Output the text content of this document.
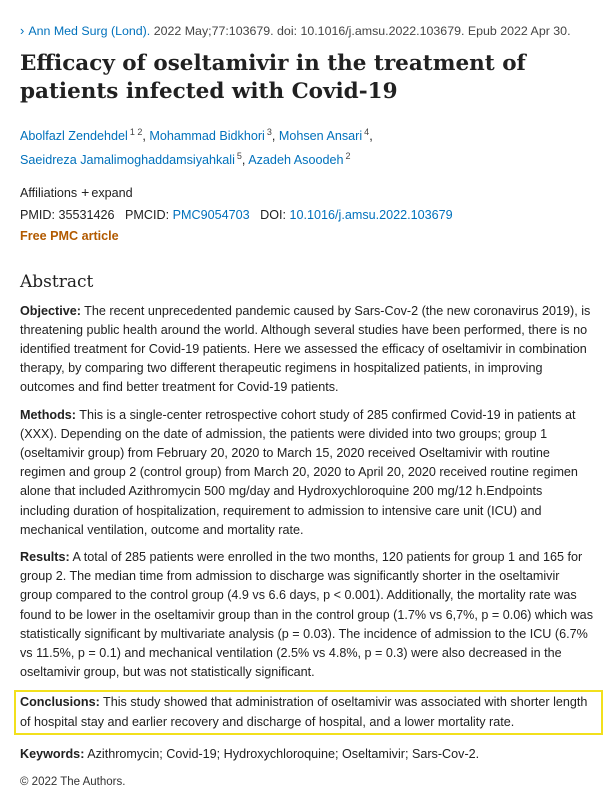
› Ann Med Surg (Lond). 2022 May;77:103679. doi: 10.1016/j.amsu.2022.103679. Epub 2022 Apr 30.
Efficacy of oseltamivir in the treatment of patients infected with Covid-19
Abolfazl Zendehdel $^{1 2}$, Mohammad Bidkhori $^3$, Mohsen Ansari $^4$,
Saeidreza Jamalimoghaddamsiyahkali $^5$, Azadeh Asoodeh $^2$
Affiliations + expand
PMID: 35531426 PMCID: PMC9054703 DOI: 10.1016/j.amsu.2022.103679
Free PMC article
Abstract

Objective: The recent unprecedented pandemic caused by Sars-Cov-2 (the new coronavirus 2019), is threatening public health around the world. Although several studies have been performed, there is no identified treatment for Covid-19 patients. Here we assessed the efficacy of oseltamivir in combination therapy, by comparing two different therapeutic regimens in hospitalized patients, in improving outcomes and find better treatment for Covid-19 patients.

Methods: This is a single-center retrospective cohort study of 285 confirmed Covid-19 in patients at (XXX). Depending on the date of admission, the patients were divided into two groups; group 1 (oseltamivir group) from February 20, 2020 to March 15, 2020 received Oseltamivir with routine regimen and group 2 (control group) from March 20, 2020 to April 20, 2020 received routine regimen alone that included Azithromycin 500 mg/day and Hydroxychloroquine 200 mg/12 h.Endpoints including duration of hospitalization, requirement to admission to intensive care unit (ICU) and mechanical ventilation, outcome and mortality rate.

Results: A total of 285 patients were enrolled in the two months, 120 patients for group 1 and 165 for group 2. The median time from admission to discharge was significantly shorter in the oseltamivir group compared to the control group (4.9 vs 6.6 days, p < 0.001). Additionally, the mortality rate was found to be lower in the oseltamivir group than in the control group (1.7% vs 6,7%, p = 0.06) which was statistically significant by multivariate analysis (p = 0.03). The incidence of admission to the ICU (6.7% vs 11.5%, p = 0.1) and mechanical ventilation (2.5% vs 4.8%, p = 0.3) were also decreased in the oseltamivir group, but was not statistically significant.

Conclusions: This study showed that administration of oseltamivir was associated with shorter length of hospital stay and earlier recovery and discharge of hospital, and a lower mortality rate.

Keywords: Azithromycin; Covid-19; Hydroxychloroquine; Oseltamivir; Sars-Cov-2.
© 2022 The Authors.
